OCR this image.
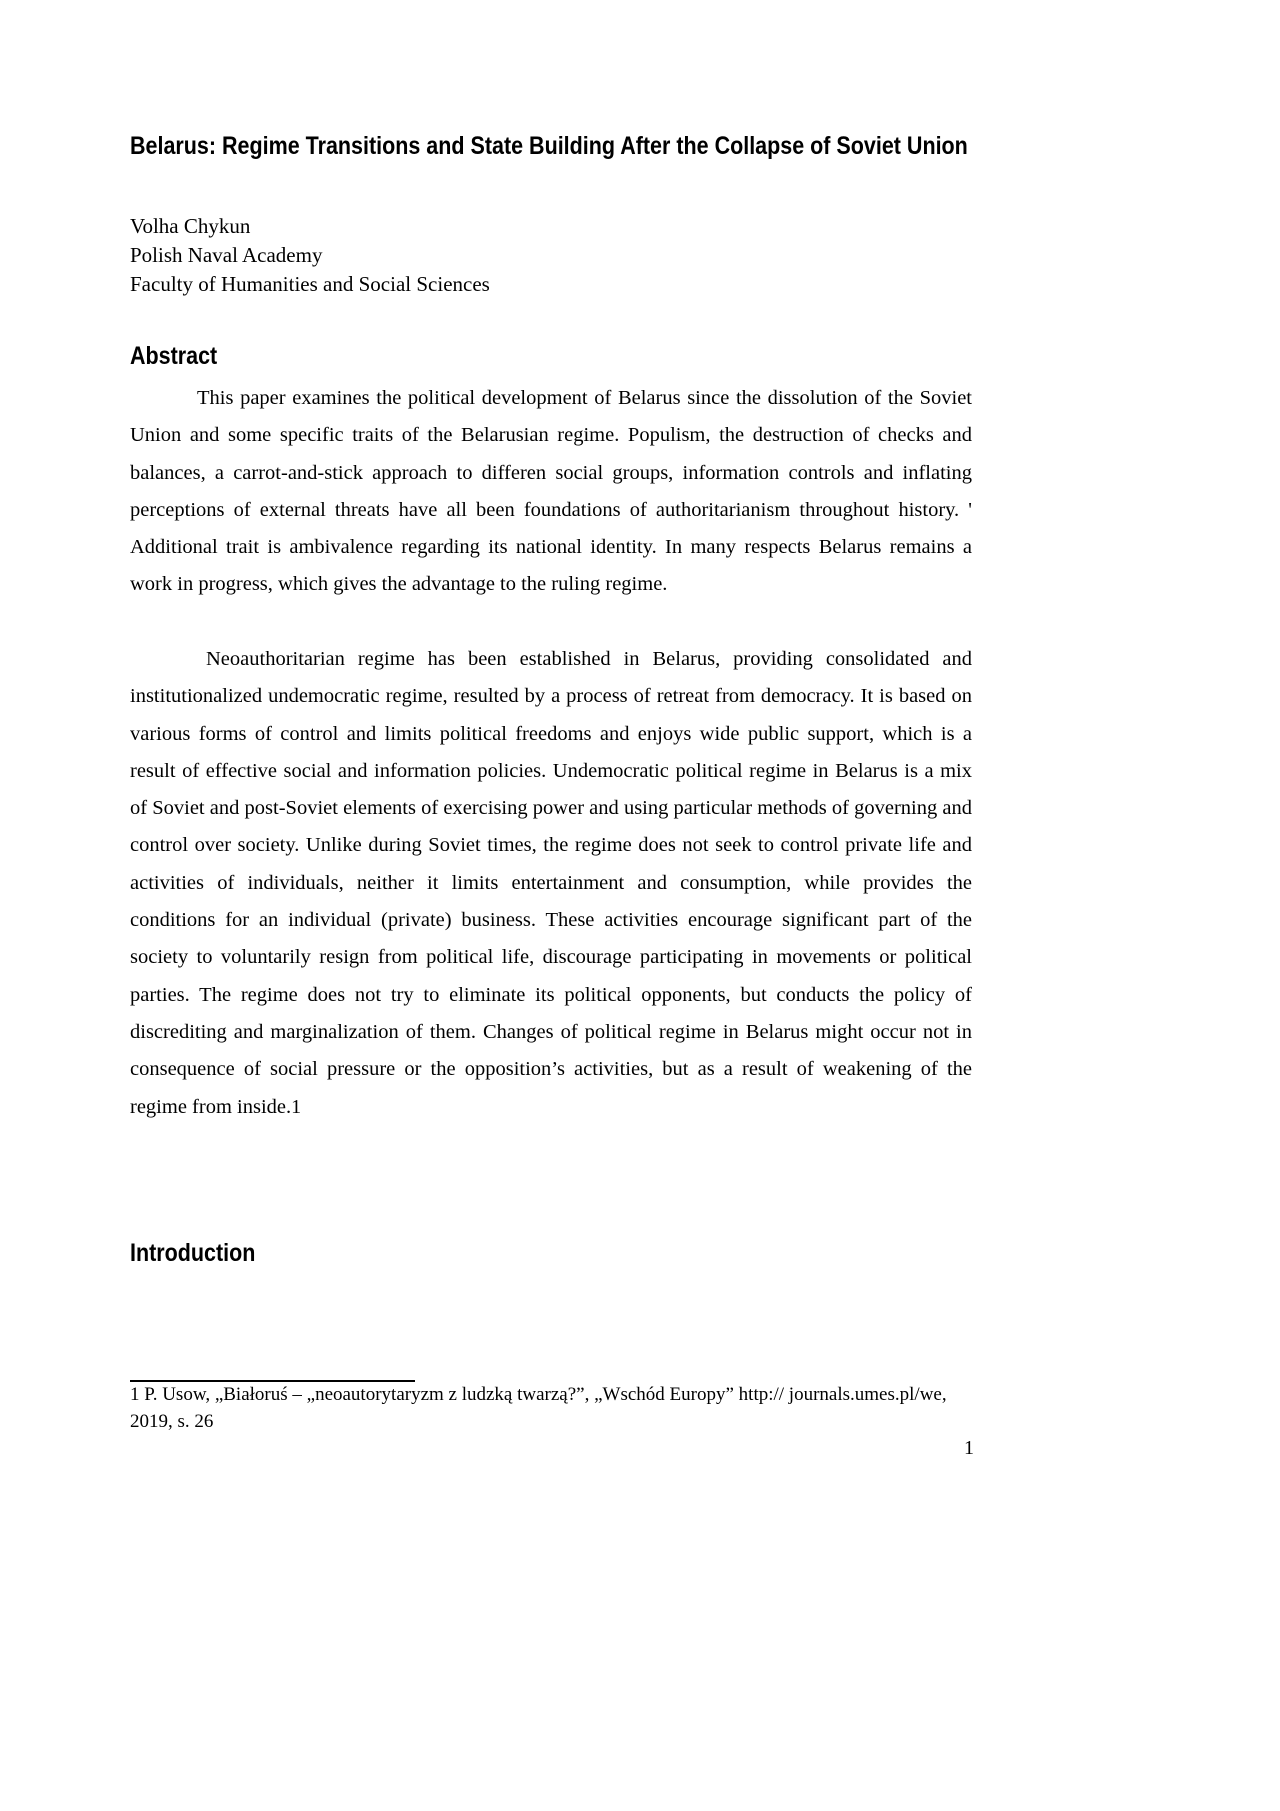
Belarus: Regime Transitions and State Building After the Collapse of Soviet Union
Volha Chykun
Polish Naval Academy
Faculty of Humanities and Social Sciences
Abstract
This paper examines the political development of Belarus since the dissolution of the Soviet Union and some specific traits of the Belarusian regime. Populism, the destruction of checks and balances, a carrot-and-stick approach to differen social groups, information controls and inflating perceptions of external threats have all been foundations of authoritarianism throughout history. ' Additional trait is ambivalence regarding its national identity. In many respects Belarus remains a work in progress, which gives the advantage to the ruling regime.
Neoauthoritarian regime has been established in Belarus, providing consolidated and institutionalized undemocratic regime, resulted by a process of retreat from democracy. It is based on various forms of control and limits political freedoms and enjoys wide public support, which is a result of effective social and information policies. Undemocratic political regime in Belarus is a mix of Soviet and post-Soviet elements of exercising power and using particular methods of governing and control over society. Unlike during Soviet times, the regime does not seek to control private life and activities of individuals, neither it limits entertainment and consumption, while provides the conditions for an individual (private) business. These activities encourage significant part of the society to voluntarily resign from political life, discourage participating in movements or political parties. The regime does not try to eliminate its political opponents, but conducts the policy of discrediting and marginalization of them. Changes of political regime in Belarus might occur not in consequence of social pressure or the opposition’s activities, but as a result of weakening of the regime from inside.1
Introduction
1 P. Usow, „Białoruś – „neoautorytaryzm z ludzką twarzą?”, „Wschód Europy” http:// journals.umes.pl/we, 2019, s. 26
1
